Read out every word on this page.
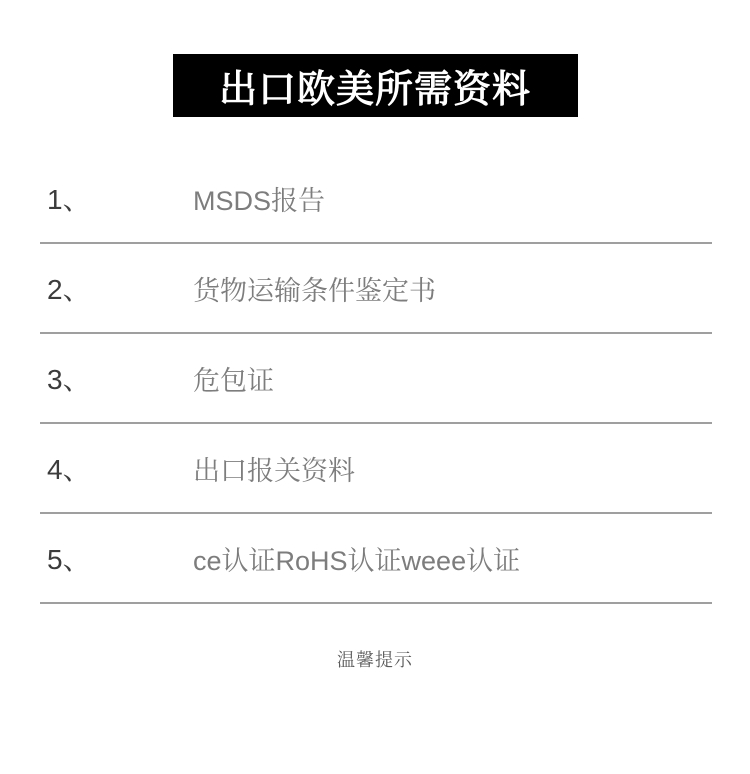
出口欧美所需资料
1、	MSDS报告
2、	货物运输条件鉴定书
3、	危包证
4、	出口报关资料
5、	ce认证RoHS认证weee认证
温馨提示
